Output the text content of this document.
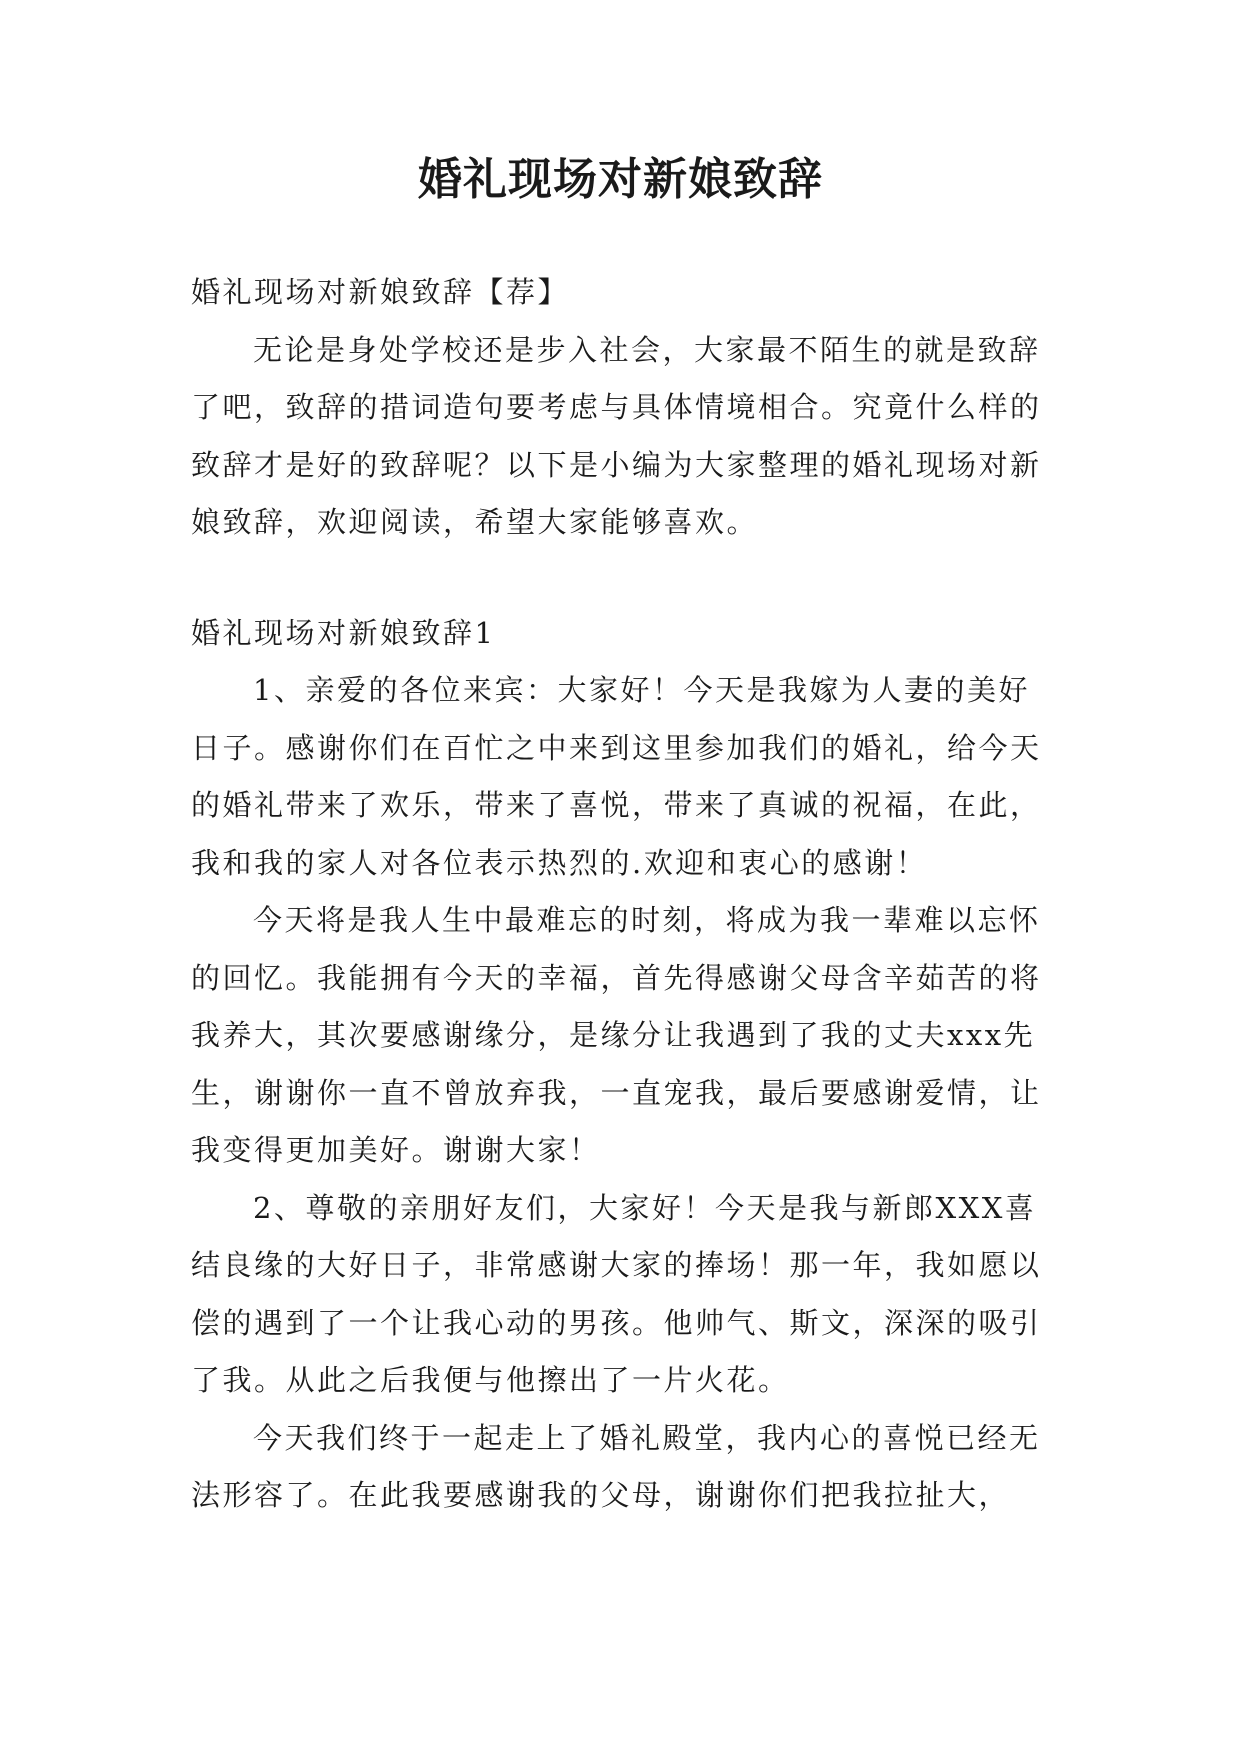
婚礼现场对新娘致辞

婚礼现场对新娘致辞【荐】

无论是身处学校还是步入社会，大家最不陌生的就是致辞了吧，致辞的措词造句要考虑与具体情境相合。究竟什么样的致辞才是好的致辞呢？以下是小编为大家整理的婚礼现场对新娘致辞，欢迎阅读，希望大家能够喜欢。

婚礼现场对新娘致辞1

1、亲爱的各位来宾：大家好！今天是我嫁为人妻的美好日子。感谢你们在百忙之中来到这里参加我们的婚礼，给今天的婚礼带来了欢乐，带来了喜悦，带来了真诚的祝福，在此，我和我的家人对各位表示热烈的.欢迎和衷心的感谢！

今天将是我人生中最难忘的时刻，将成为我一辈难以忘怀的回忆。我能拥有今天的幸福，首先得感谢父母含辛茹苦的将我养大，其次要感谢缘分，是缘分让我遇到了我的丈夫xxx先生，谢谢你一直不曾放弃我，一直宠我，最后要感谢爱情，让我变得更加美好。谢谢大家！

2、尊敬的亲朋好友们，大家好！今天是我与新郎XXX喜结良缘的大好日子，非常感谢大家的捧场！那一年，我如愿以偿的遇到了一个让我心动的男孩。他帅气、斯文，深深的吸引了我。从此之后我便与他擦出了一片火花。

今天我们终于一起走上了婚礼殿堂，我内心的喜悦已经无法形容了。在此我要感谢我的父母，谢谢你们把我拉扯大，
